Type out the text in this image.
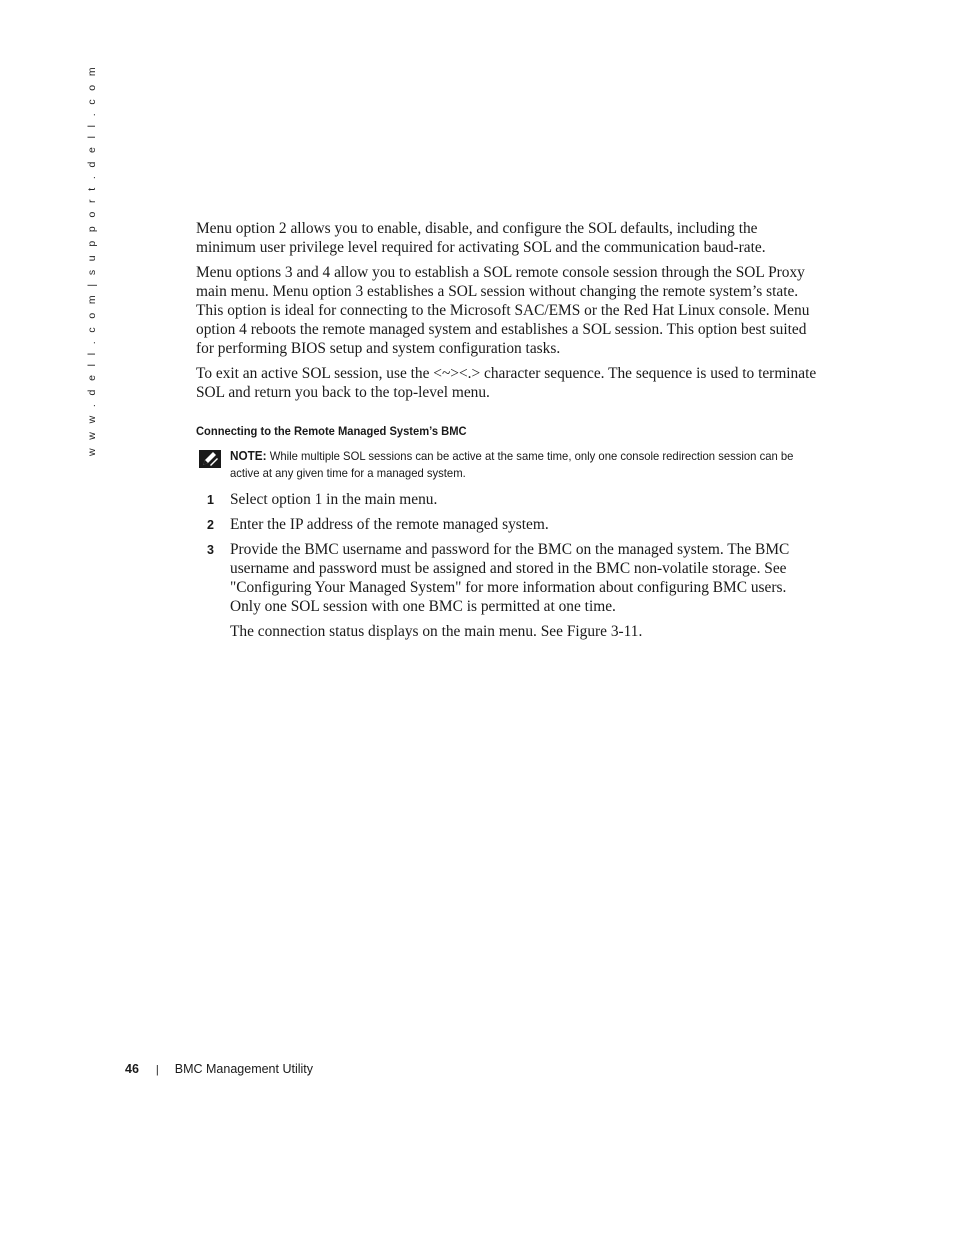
w w w . d e l l . c o m | s u p p o r t . d e l l . c o m	Menu option 2 allows you to enable, disable, and configure the SOL defaults, including the minimum user privilege level required for activating SOL and the communication baud-rate.

Menu options 3 and 4 allow you to establish a SOL remote console session through the SOL Proxy main menu. Menu option 3 establishes a SOL session without changing the remote system’s state. This option is ideal for connecting to the Microsoft SAC/EMS or the Red Hat Linux console. Menu option 4 reboots the remote managed system and establishes a SOL session. This option best suited for performing BIOS setup and system configuration tasks.

To exit an active SOL session, use the <~><.> character sequence. The sequence is used to terminate SOL and return you back to the top-level menu.

Connecting to the Remote Managed System’s BMC
NOTE: While multiple SOL sessions can be active at the same time, only one console redirection session can be active at any given time for a managed system.
1 Select option 1 in the main menu.
2 Enter the IP address of the remote managed system.
3 Provide the BMC username and password for the BMC on the managed system. The BMC username and password must be assigned and stored in the BMC non-volatile storage. See "Configuring Your Managed System" for more information about configuring BMC users. Only one SOL session with one BMC is permitted at one time.
The connection status displays on the main menu. See Figure 3-11.
46 | BMC Management Utility
